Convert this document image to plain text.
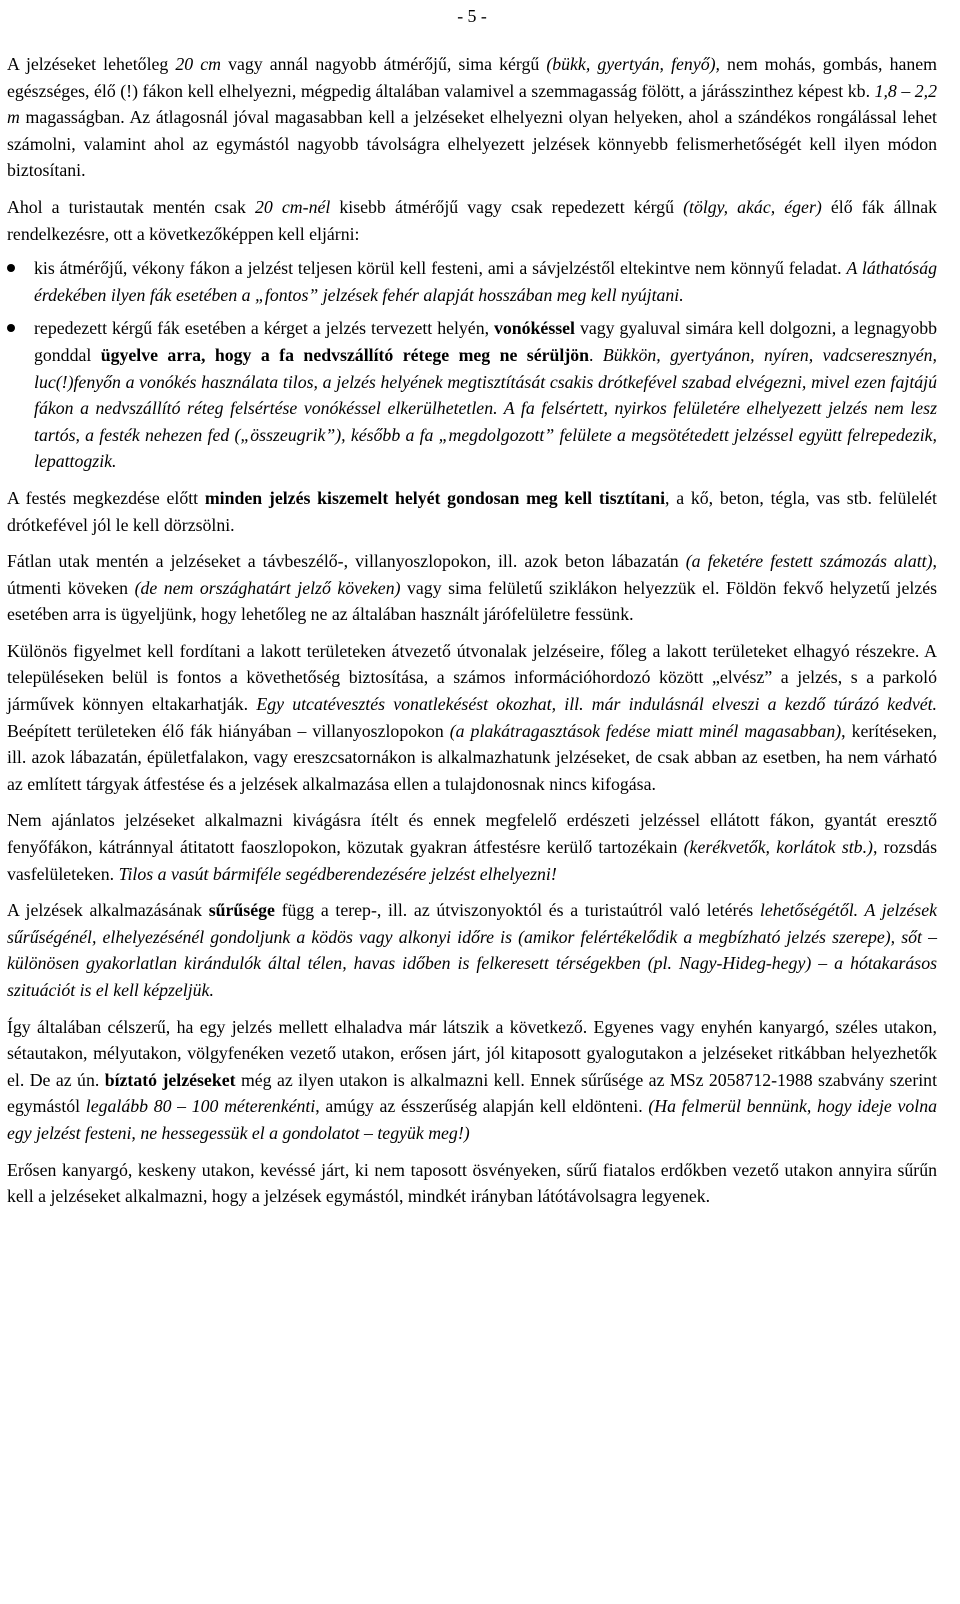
- 5 -

A jelzéseket lehetőleg 20 cm vagy annál nagyobb átmérőjű, sima kérgű (bükk, gyertyán, fenyő), nem mohás, gombás, hanem egészséges, élő (!) fákon kell elhelyezni, mégpedig általában valamivel a szemmagasság fölött, a járásszinthez képest kb. 1,8 – 2,2 m magasságban. Az átlagosnál jóval magasabban kell a jelzéseket elhelyezni olyan helyeken, ahol a szándékos rongálással lehet számolni, valamint ahol az egymástól nagyobb távolságra elhelyezett jelzések könnyebb felismerhetőségét kell ilyen módon biztosítani.

Ahol a turistautak mentén csak 20 cm-nél kisebb átmérőjű vagy csak repedezett kérgű (tölgy, akác, éger) élő fák állnak rendelkezésre, ott a következőképpen kell eljárni:

kis átmérőjű, vékony fákon a jelzést teljesen körül kell festeni, ami a sávjelzéstől eltekintve nem könnyű feladat. A láthatóság érdekében ilyen fák esetében a „fontos” jelzések fehér alapját hosszában meg kell nyújtani.
repedezett kérgű fák esetében a kérget a jelzés tervezett helyén, vonókéssel vagy gyaluval simára kell dolgozni, a legnagyobb gonddal ügyelve arra, hogy a fa nedvszállító rétege meg ne sérüljön. Bükkön, gyertyánon, nyíren, vadcseresznyén, luc(!)fenyőn a vonókés használata tilos, a jelzés helyének megtisztítását csakis drótkefével szabad elvégezni, mivel ezen fajtájú fákon a nedvszállító réteg felsértése vonókéssel elkerülhetetlen. A fa felsértett, nyirkos felületére elhelyezett jelzés nem lesz tartós, a festék nehezen fed („összeugrik”), később a fa „megdolgozott” felülete a megsötétedett jelzéssel együtt felrepedezik, lepattogzik.

A festés megkezdése előtt minden jelzés kiszemelt helyét gondosan meg kell tisztítani, a kő, beton, tégla, vas stb. felülelét drótkefével jól le kell dörzsölni.

Fátlan utak mentén a jelzéseket a távbeszélő-, villanyoszlopokon, ill. azok beton lábazatán (a feketére festett számozás alatt), útmenti köveken (de nem országhatárt jelző köveken) vagy sima felületű sziklákon helyezzük el. Földön fekvő helyzetű jelzés esetében arra is ügyeljünk, hogy lehetőleg ne az általában használt járófelületre fessünk.

Különös figyelmet kell fordítani a lakott területeken átvezető útvonalak jelzéseire, főleg a lakott területeket elhagyó részekre. A településeken belül is fontos a követhetőség biztosítása, a számos információhordozó között „elvész” a jelzés, s a parkoló járművek könnyen eltakarhatják. Egy utcatévesztés vonatlekésést okozhat, ill. már indulásnál elveszi a kezdő túrázó kedvét. Beépített területeken élő fák hiányában – villanyoszlopokon (a plakátragasztások fedése miatt minél magasabban), kerítéseken, ill. azok lábazatán, épületfalakon, vagy ereszcsatornákon is alkalmazhatunk jelzéseket, de csak abban az esetben, ha nem várható az említett tárgyak átfestése és a jelzések alkalmazása ellen a tulajdonosnak nincs kifogása.

Nem ajánlatos jelzéseket alkalmazni kivágásra ítélt és ennek megfelelő erdészeti jelzéssel ellátott fákon, gyantát eresztő fenyőfákon, kátránnyal átitatott faoszlopokon, közutak gyakran átfestésre kerülő tartozékain (kerékvetők, korlátok stb.), rozsdás vasfelületeken. Tilos a vasút bármiféle segédberendezésére jelzést elhelyezni!

A jelzések alkalmazásának sűrűsége függ a terep-, ill. az útviszonyoktól és a turistaútról való letérés lehetőségétől. A jelzések sűrűségénél, elhelyezésénél gondoljunk a ködös vagy alkonyi időre is (amikor felértékelődik a megbízható jelzés szerepe), sőt – különösen gyakorlatlan kirándulók által télen, havas időben is felkeresett térségekben (pl. Nagy-Hideg-hegy) – a hótakarásos szituációt is el kell képzeljük.

Így általában célszerű, ha egy jelzés mellett elhaladva már látszik a következő. Egyenes vagy enyhén kanyargó, széles utakon, sétautakon, mélyutakon, völgyfenéken vezető utakon, erősen járt, jól kitaposott gyalogutakon a jelzéseket ritkábban helyezhetők el. De az ún. bíztató jelzéseket még az ilyen utakon is alkalmazni kell. Ennek sűrűsége az MSz 2058712-1988 szabvány szerint egymástól legalább 80 – 100 méterenkénti, amúgy az ésszerűség alapján kell eldönteni. (Ha felmerül bennünk, hogy ideje volna egy jelzést festeni, ne hessegessük el a gondolatot – tegyük meg!)

Erősen kanyargó, keskeny utakon, kevéssé járt, ki nem taposott ösvényeken, sűrű fiatalos erdőkben vezető utakon annyira sűrűn kell a jelzéseket alkalmazni, hogy a jelzések egymástól, mindkét irányban látótávolsagra legyenek.
